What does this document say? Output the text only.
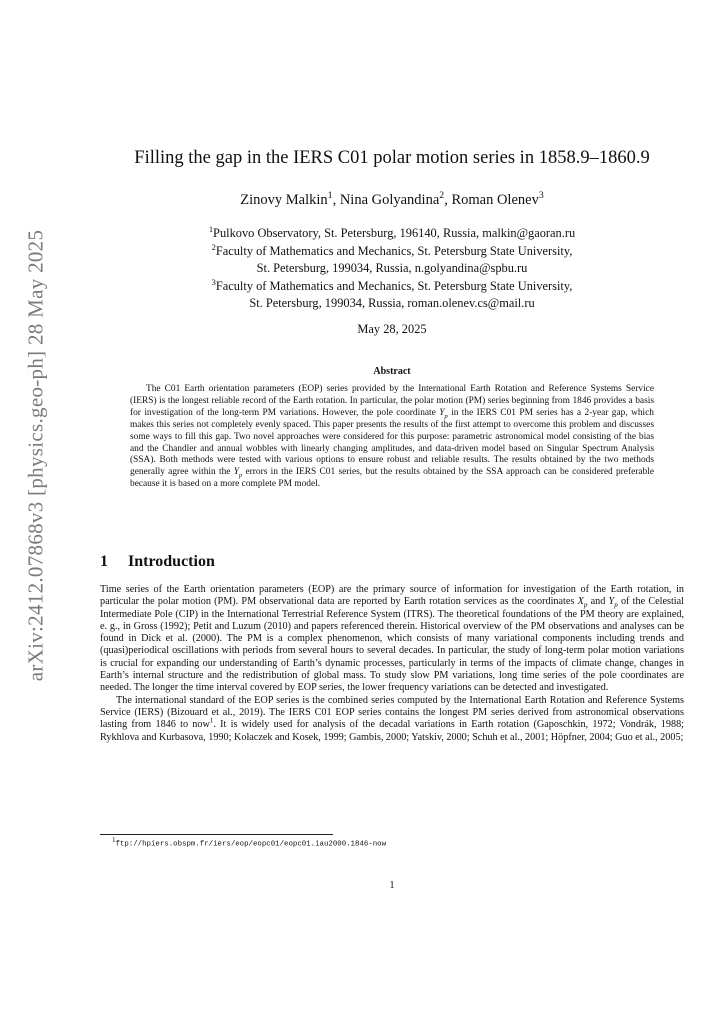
arXiv:2412.07868v3 [physics.geo-ph] 28 May 2025
Filling the gap in the IERS C01 polar motion series in 1858.9–1860.9
Zinovy Malkin$^1$, Nina Golyandina$^2$, Roman Olenev$^3$
$^1$Pulkovo Observatory, St. Petersburg, 196140, Russia, malkin@gaoran.ru
$^2$Faculty of Mathematics and Mechanics, St. Petersburg State University,
St. Petersburg, 199034, Russia, n.golyandina@spbu.ru
$^3$Faculty of Mathematics and Mechanics, St. Petersburg State University,
St. Petersburg, 199034, Russia, roman.olenev.cs@mail.ru
May 28, 2025
Abstract

The C01 Earth orientation parameters (EOP) series provided by the International Earth Rotation and Reference Systems Service (IERS) is the longest reliable record of the Earth rotation. In particular, the polar motion (PM) series beginning from 1846 provides a basis for investigation of the long-term PM variations. However, the pole coordinate $Y_p$ in the IERS C01 PM series has a 2-year gap, which makes this series not completely evenly spaced. This paper presents the results of the first attempt to overcome this problem and discusses some ways to fill this gap. Two novel approaches were considered for this purpose: parametric astronomical model consisting of the bias and the Chandler and annual wobbles with linearly changing amplitudes, and data-driven model based on Singular Spectrum Analysis (SSA). Both methods were tested with various options to ensure robust and reliable results. The results obtained by the two methods generally agree within the $Y_p$ errors in the IERS C01 series, but the results obtained by the SSA approach can be considered preferable because it is based on a more complete PM model.

1 Introduction

Time series of the Earth orientation parameters (EOP) are the primary source of information for investigation of the Earth rotation, in particular the polar motion (PM). PM observational data are reported by Earth rotation services as the coordinates $X_p$ and $Y_p$ of the Celestial Intermediate Pole (CIP) in the International Terrestrial Reference System (ITRS). The theoretical foundations of the PM theory are explained, e. g., in Gross (1992); Petit and Luzum (2010) and papers referenced therein. Historical overview of the PM observations and analyses can be found in Dick et al. (2000). The PM is a complex phenomenon, which consists of many variational components including trends and (quasi)periodical oscillations with periods from several hours to several decades. In particular, the study of long-term polar motion variations is crucial for expanding our understanding of Earth’s dynamic processes, particularly in terms of the impacts of climate change, changes in Earth’s internal structure and the redistribution of global mass. To study slow PM variations, long time series of the pole coordinates are needed. The longer the time interval covered by EOP series, the lower frequency variations can be detected and investigated.

The international standard of the EOP series is the combined series computed by the International Earth Rotation and Reference Systems Service (IERS) (Bizouard et al., 2019). The IERS C01 EOP series contains the longest PM series derived from astronomical observations lasting from 1846 to now$^1$. It is widely used for analysis of the decadal variations in Earth rotation (Gaposchkin, 1972; Vondrák, 1988; Rykhlova and Kurbasova, 1990; Kołaczek and Kosek, 1999; Gambis, 2000; Yatskiv, 2000; Schuh et al., 2001; Höpfner, 2004; Guo et al., 2005;

$^1$ftp://hpiers.obspm.fr/iers/eop/eopc01/eopc01.iau2000.1846-now
1
